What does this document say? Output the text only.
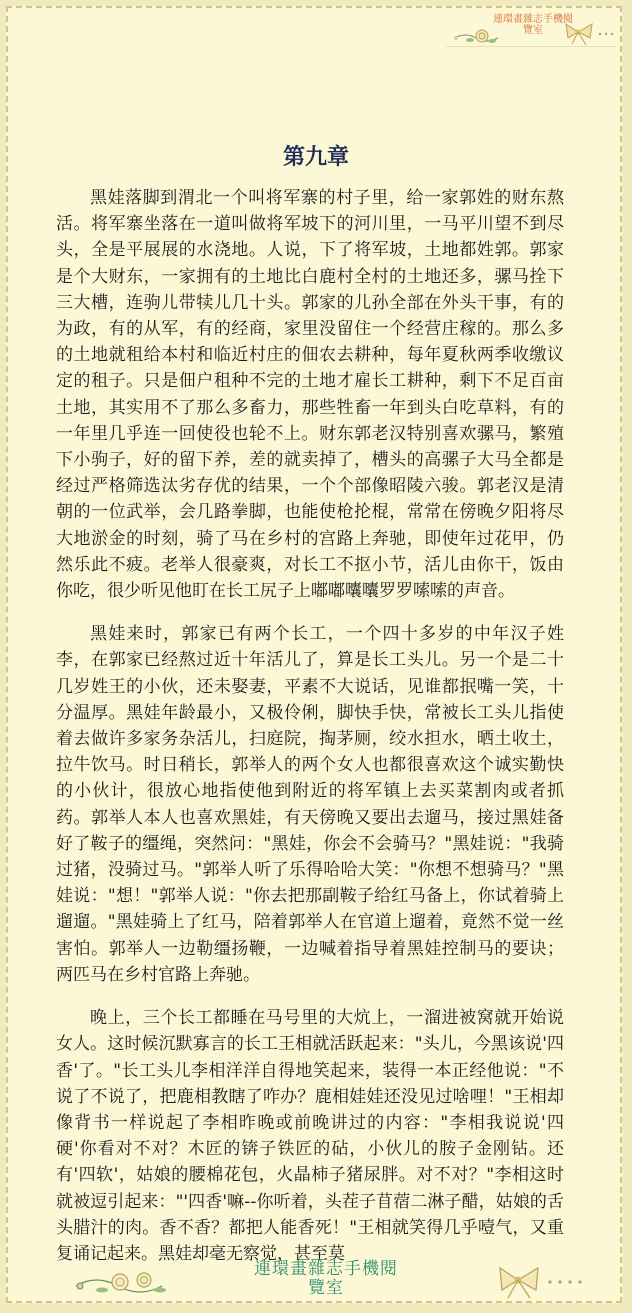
連環畫雜志手機閱
覽室
第九章

黑娃落脚到渭北一个叫将军寨的村子里，给一家郭姓的财东熬活。将军寨坐落在一道叫做将军坡下的河川里，一马平川望不到尽头，全是平展展的水浇地。人说，下了将军坡，土地都姓郭。郭家是个大财东，一家拥有的土地比白鹿村全村的土地还多，骡马拴下三大槽，连驹儿带犊儿几十头。郭家的儿孙全部在外头干事，有的为政，有的从军，有的经商，家里没留住一个经营庄稼的。那么多的土地就租给本村和临近村庄的佃农去耕种，每年夏秋两季收缴议定的租子。只是佃户租种不完的土地才雇长工耕种，剩下不足百亩土地，其实用不了那么多畜力，那些牲畜一年到头白吃草料，有的一年里几乎连一回使役也轮不上。财东郭老汉特别喜欢骡马，繁殖下小驹子，好的留下养，差的就卖掉了，槽头的高骡子大马全都是经过严格筛选汰劣存优的结果，一个个部像昭陵六骏。郭老汉是清朝的一位武举，会几路拳脚，也能使枪抡棍，常常在傍晚夕阳将尽大地淤金的时刻，骑了马在乡村的宫路上奔驰，即使年过花甲，仍然乐此不疲。老举人很豪爽，对长工不抠小节，活儿由你干，饭由你吃，很少听见他盯在长工尻子上嘟嘟囔囔罗罗嗦嗦的声音。

黑娃来时，郭家已有两个长工，一个四十多岁的中年汉子姓李，在郭家已经熬过近十年活儿了，算是长工头儿。另一个是二十几岁姓王的小伙，还未娶妻，平素不大说话，见谁都抿嘴一笑，十分温厚。黑娃年龄最小，又极伶俐，脚快手快，常被长工头儿指使着去做许多家务杂活儿，扫庭院，掏茅厕，绞水担水，晒土收土，拉牛饮马。时日稍长，郭举人的两个女人也都很喜欢这个诚实勤快的小伙计，很放心地指使他到附近的将军镇上去买菜割肉或者抓药。郭举人本人也喜欢黑娃，有天傍晚又要出去遛马，接过黑娃备好了鞍子的缰绳，突然问："黑娃，你会不会骑马？"黑娃说："我骑过猪，没骑过马。"郭举人听了乐得哈哈大笑："你想不想骑马？"黑娃说："想！"郭举人说："你去把那副鞍子给红马备上，你试着骑上遛遛。"黑娃骑上了红马，陪着郭举人在官道上遛着，竟然不觉一丝害怕。郭举人一边勒缰扬鞭，一边喊着指导着黑娃控制马的要诀；两匹马在乡村官路上奔驰。

晚上，三个长工都睡在马号里的大炕上，一溜进被窝就开始说女人。这时候沉默寡言的长工王相就活跃起来："头儿，今黑该说'四香'了。"长工头儿李相洋洋自得地笑起来，装得一本正经他说："不说了不说了，把鹿相教瞎了咋办？鹿相娃娃还没见过啥哩！"王相却像背书一样说起了李相昨晚或前晚讲过的内容："李相我说说'四硬'你看对不对？木匠的锛子铁匠的砧，小伙儿的胺子金刚钻。还有'四软'，姑娘的腰棉花包，火晶柿子猪尿胖。对不对？"李相这时就被逗引起来："'四香'嘛--你听着，头茬子苜蓿二淋子醋，姑娘的舌头腊汁的肉。香不香？都把人能香死！"王相就笑得几乎噎气，又重复诵记起来。黑娃却毫无察觉，甚至莫

連環畫雜志手機閱
覽室
